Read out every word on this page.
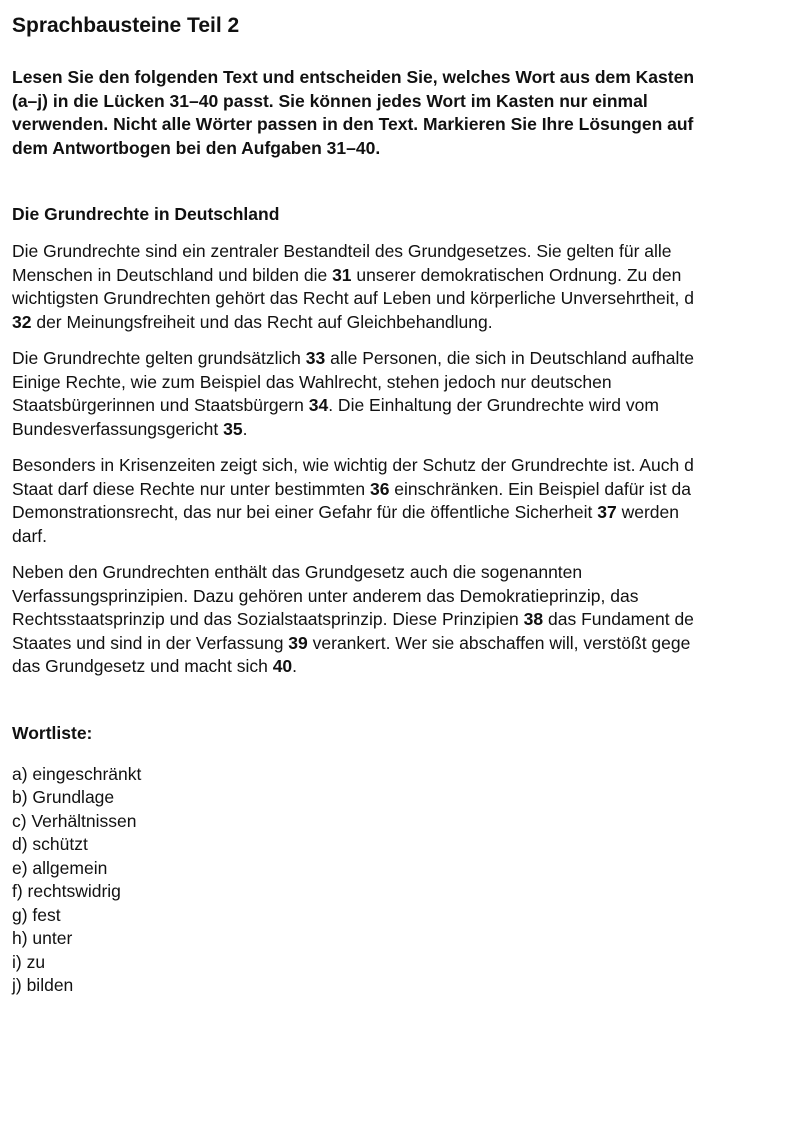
Sprachbausteine Teil 2
Lesen Sie den folgenden Text und entscheiden Sie, welches Wort aus dem Kasten
(a–j) in die Lücken 31–40 passt. Sie können jedes Wort im Kasten nur einmal
verwenden. Nicht alle Wörter passen in den Text. Markieren Sie Ihre Lösungen auf
dem Antwortbogen bei den Aufgaben 31–40.
Die Grundrechte in Deutschland

Die Grundrechte sind ein zentraler Bestandteil des Grundgesetzes. Sie gelten für alle
Menschen in Deutschland und bilden die 31 unserer demokratischen Ordnung. Zu den
wichtigsten Grundrechten gehört das Recht auf Leben und körperliche Unversehrtheit, d
32 der Meinungsfreiheit und das Recht auf Gleichbehandlung.

Die Grundrechte gelten grundsätzlich 33 alle Personen, die sich in Deutschland aufhalte
Einige Rechte, wie zum Beispiel das Wahlrecht, stehen jedoch nur deutschen
Staatsbürgerinnen und Staatsbürgern 34. Die Einhaltung der Grundrechte wird vom
Bundesverfassungsgericht 35.

Besonders in Krisenzeiten zeigt sich, wie wichtig der Schutz der Grundrechte ist. Auch d
Staat darf diese Rechte nur unter bestimmten 36 einschränken. Ein Beispiel dafür ist da
Demonstrationsrecht, das nur bei einer Gefahr für die öffentliche Sicherheit 37 werden
darf.

Neben den Grundrechten enthält das Grundgesetz auch die sogenannten
Verfassungsprinzipien. Dazu gehören unter anderem das Demokratieprinzip, das
Rechtsstaatsprinzip und das Sozialstaatsprinzip. Diese Prinzipien 38 das Fundament de
Staates und sind in der Verfassung 39 verankert. Wer sie abschaffen will, verstößt gege
das Grundgesetz und macht sich 40.

Wortliste:
a) eingeschränkt
b) Grundlage
c) Verhältnissen
d) schützt
e) allgemein
f) rechtswidrig
g) fest
h) unter
i) zu
j) bilden
